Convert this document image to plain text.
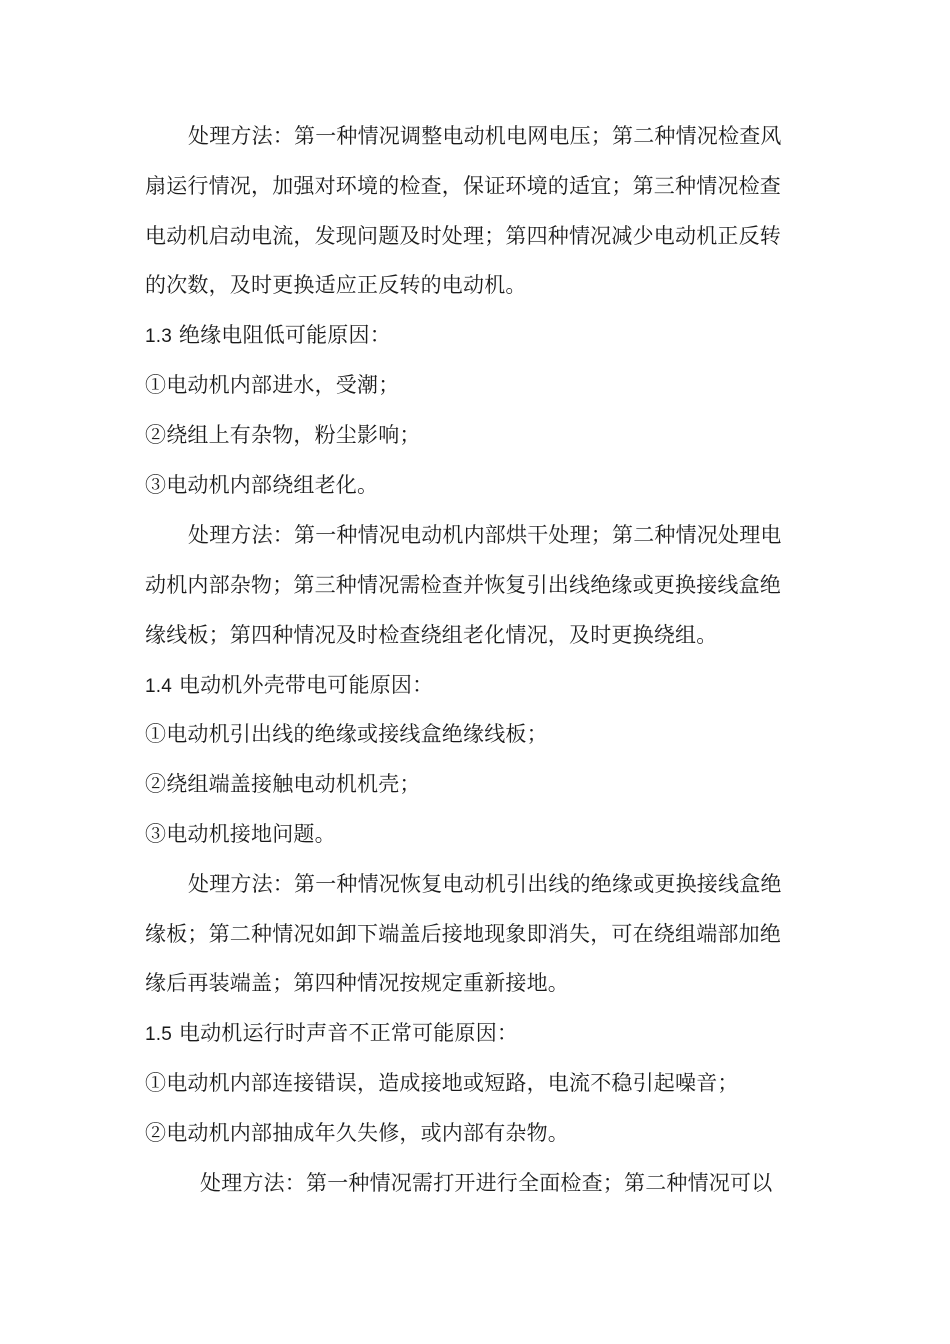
处理方法：第一种情况调整电动机电网电压；第二种情况检查风
扇运行情况，加强对环境的检查，保证环境的适宜；第三种情况检查
电动机启动电流，发现问题及时处理；第四种情况减少电动机正反转
的次数，及时更换适应正反转的电动机。
1.3 绝缘电阻低可能原因：
①电动机内部进水，受潮；
②绕组上有杂物，粉尘影响；
③电动机内部绕组老化。
处理方法：第一种情况电动机内部烘干处理；第二种情况处理电
动机内部杂物；第三种情况需检查并恢复引出线绝缘或更换接线盒绝
缘线板；第四种情况及时检查绕组老化情况，及时更换绕组。
1.4 电动机外壳带电可能原因：
①电动机引出线的绝缘或接线盒绝缘线板；
②绕组端盖接触电动机机壳；
③电动机接地问题。
处理方法：第一种情况恢复电动机引出线的绝缘或更换接线盒绝
缘板；第二种情况如卸下端盖后接地现象即消失，可在绕组端部加绝
缘后再装端盖；第四种情况按规定重新接地。
1.5 电动机运行时声音不正常可能原因：
①电动机内部连接错误，造成接地或短路，电流不稳引起噪音；
②电动机内部抽成年久失修，或内部有杂物。
处理方法：第一种情况需打开进行全面检查；第二种情况可以
